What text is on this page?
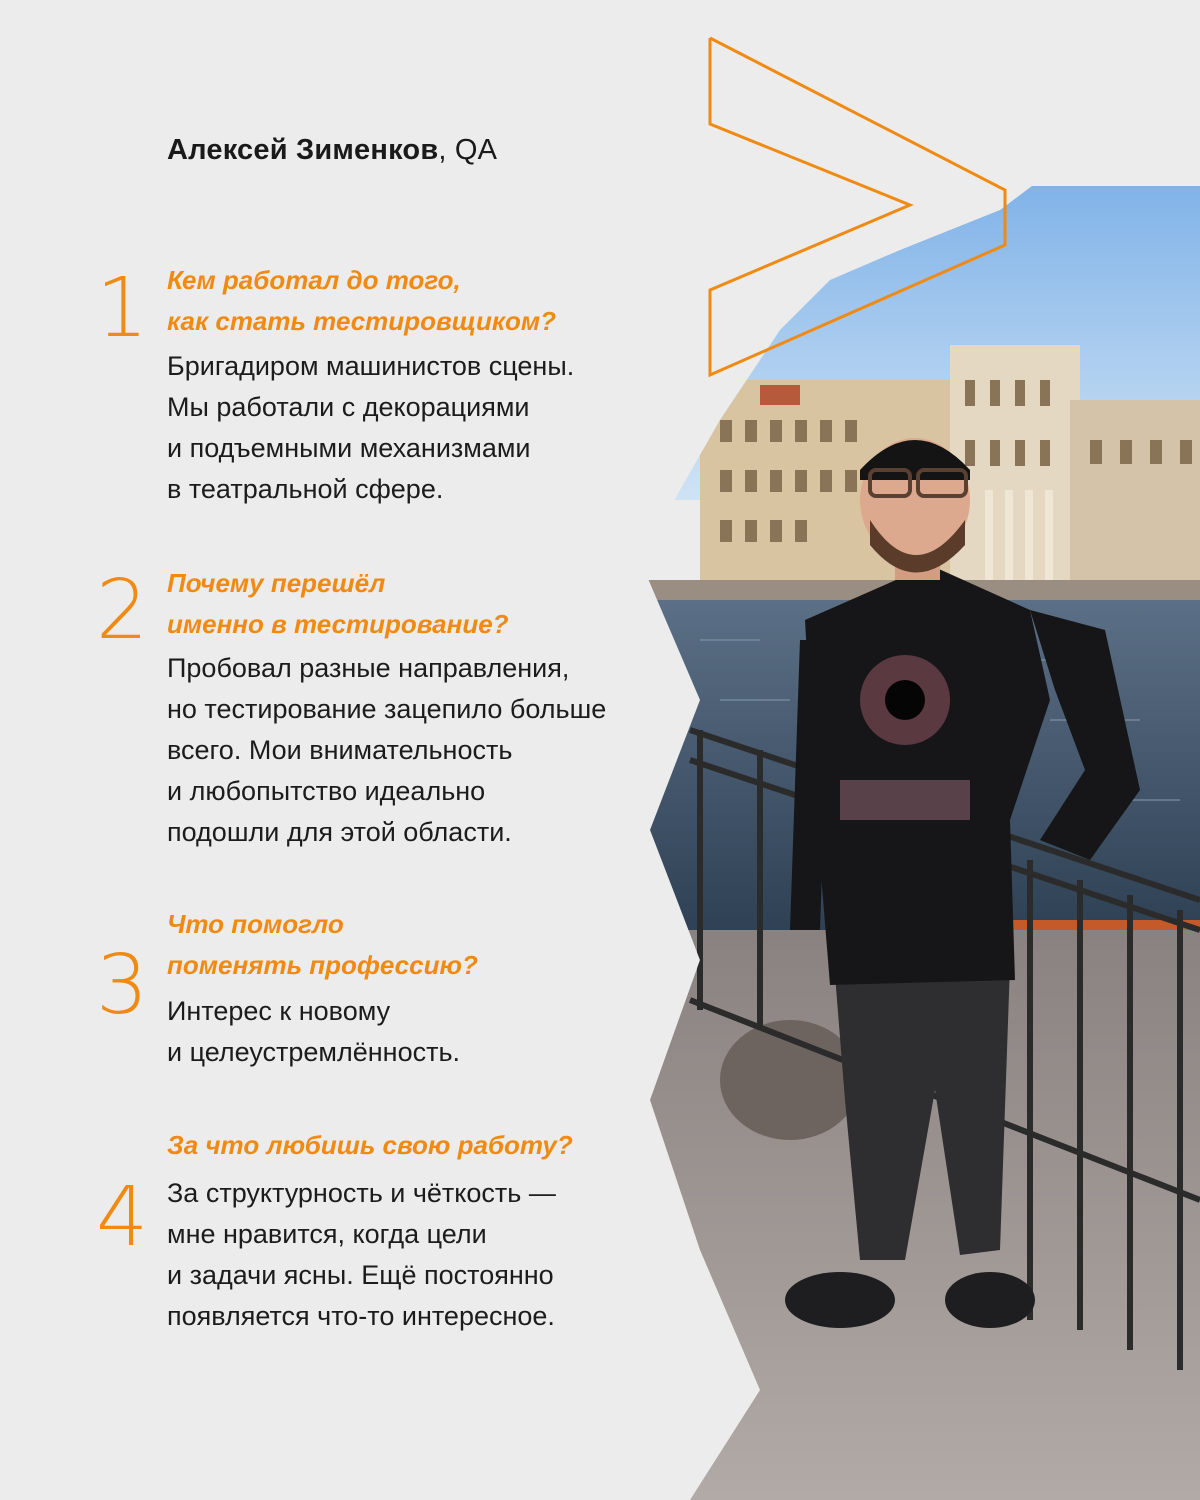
Алексей Зименков, QA
1 Кем работал до того,
как стать тестировщиком?
Бригадиром машинистов сцены.
Мы работали с декорациями
и подъемными механизмами
в театральной сфере.
2 Почему перешёл
именно в тестирование?
Пробовал разные направления,
но тестирование зацепило больше
всего. Мои внимательность
и любопытство идеально
подошли для этой области.
3
Что помогло
поменять профессию?
Интерес к новому
и целеустремлённость.
4
За что любишь свою работу?
За структурность и чёткость —
мне нравится, когда цели
и задачи ясны. Ещё постоянно
появляется что-то интересное.
